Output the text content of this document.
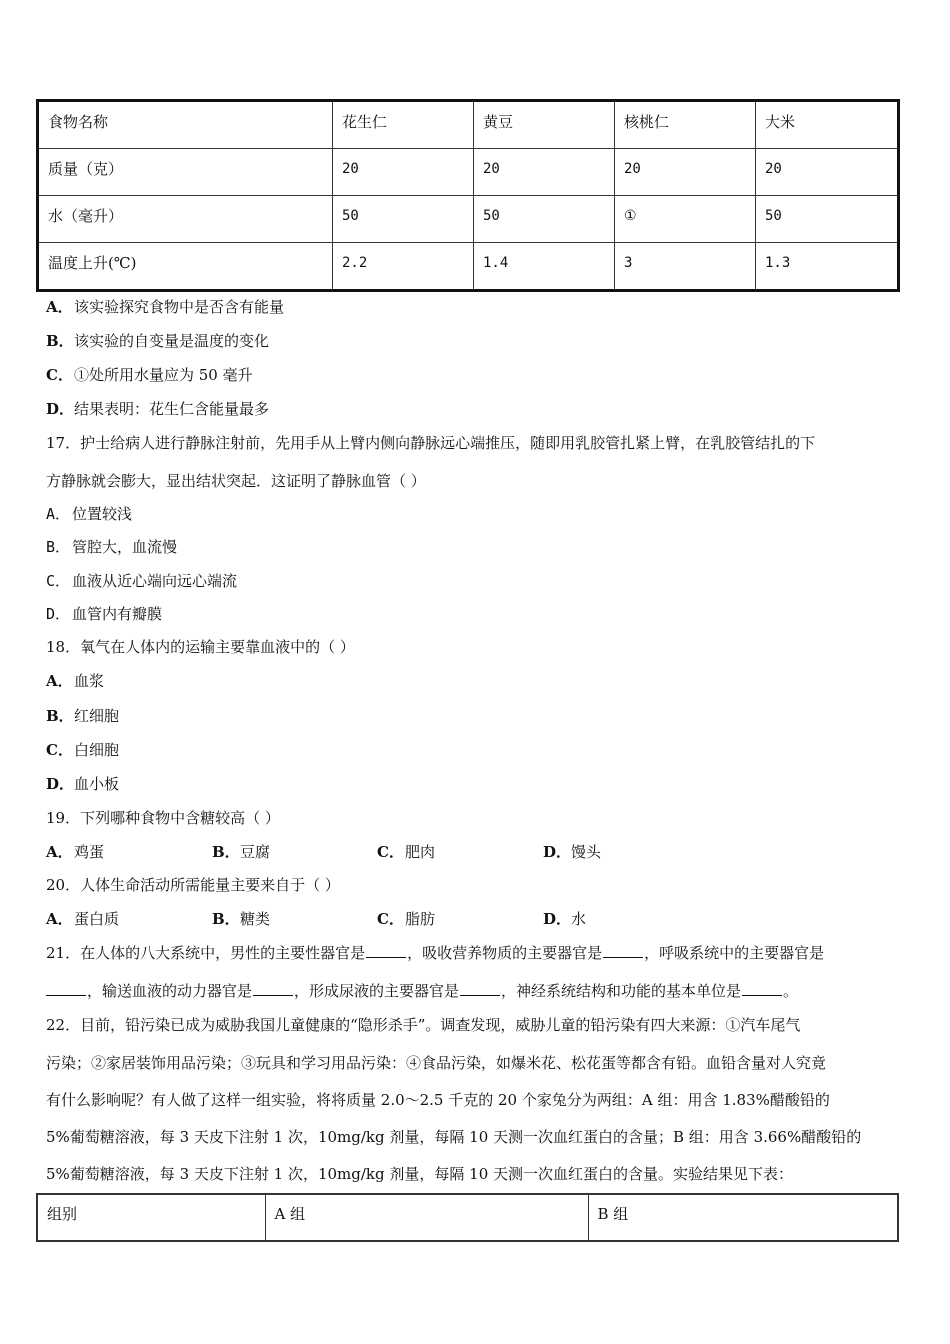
食物名称	花生仁	黄豆	核桃仁	大米
质量（克）	20	20	20	20
水（毫升）	50	50	①	50
温度上升(℃)	2.2	1.4	3	1.3
A．该实验探究食物中是否含有能量
B．该实验的自变量是温度的变化
C．①处所用水量应为 50 毫升
D．结果表明：花生仁含能量最多
17．护士给病人进行静脉注射前，先用手从上臂内侧向静脉远心端推压，随即用乳胶管扎紧上臂，在乳胶管结扎的下
方静脉就会膨大，显出结状突起．这证明了静脉血管（ ）
A． 位置较浅
B． 管腔大，血流慢
C． 血液从近心端向远心端流
D． 血管内有瓣膜
18．氧气在人体内的运输主要靠血液中的（ ）
A．血浆
B．红细胞
C．白细胞
D．血小板
19．下列哪种食物中含糖较高（ ）
A．鸡蛋	B．豆腐	C．肥肉	D．馒头
20．人体生命活动所需能量主要来自于（ ）
A．蛋白质	B．糖类	C．脂肪	D．水
21．在人体的八大系统中，男性的主要性器官是	，吸收营养物质的主要器官是	，呼吸系统中的主要器官是
，输送血液的动力器官是	，形成尿液的主要器官是	，神经系统结构和功能的基本单位是	。
22．目前，铅污染已成为威胁我国儿童健康的“隐形杀手”。调查发现，威胁儿童的铅污染有四大来源：①汽车尾气
污染；②家居装饰用品污染；③玩具和学习用品污染：④食品污染，如爆米花、松花蛋等都含有铅。血铅含量对人究竟
有什么影响呢？有人做了这样一组实验，将将质量 2.0～2.5 千克的 20 个家兔分为两组：A 组：用含 1.83%醋酸铅的
5%葡萄糖溶液，每 3 天皮下注射 1 次，10mg/kg 剂量，每隔 10 天测一次血红蛋白的含量；B 组：用含 3.66%醋酸铅的
5%葡萄糖溶液，每 3 天皮下注射 1 次，10mg/kg 剂量，每隔 10 天测一次血红蛋白的含量。实验结果见下表：
组别	A 组	B 组
